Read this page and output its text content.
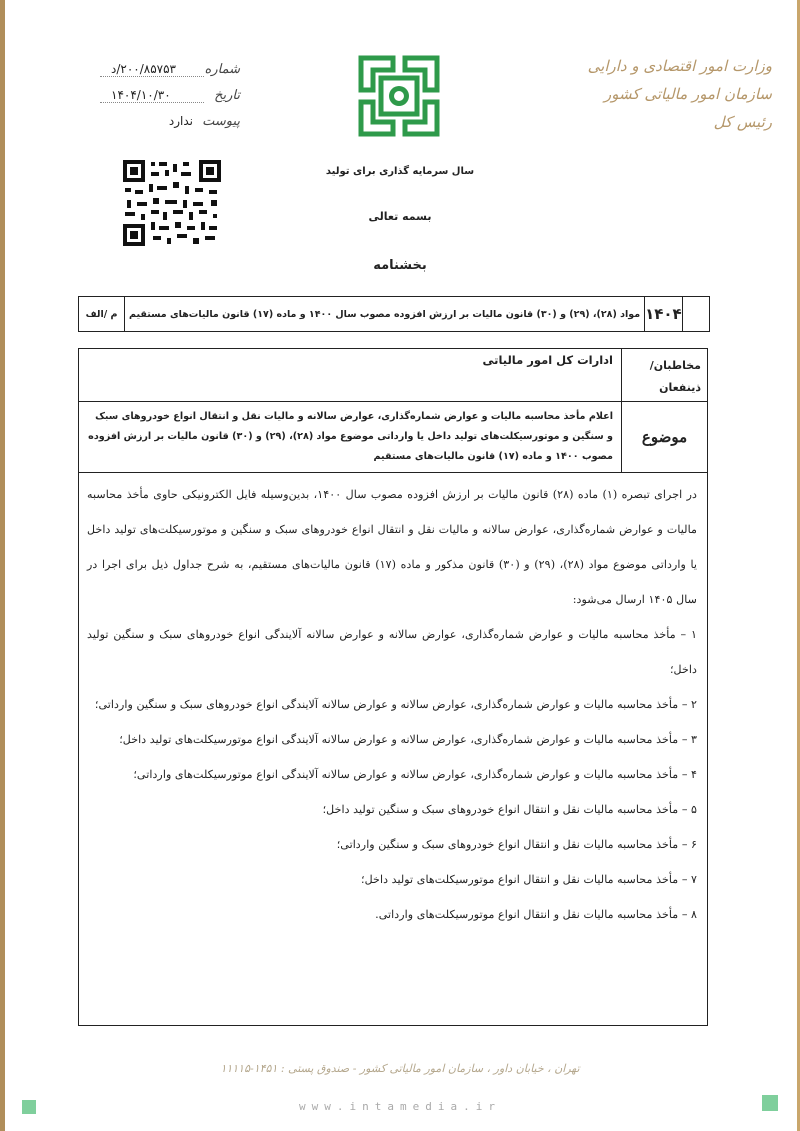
وزارت امور اقتصادی و دارایی
سازمان امور مالیاتی کشور
رئیس کل
شماره
۲۰۰/۸۵۷۵۳/د
تاریخ
۱۴۰۴/۱۰/۳۰
پیوست
ندارد
سال سرمایه گذاری برای تولید
بسمه تعالی
بخشنامه
۱۴۰۴
مواد (۲۸)، (۲۹) و (۳۰) قانون مالیات بر ارزش افزوده مصوب سال ۱۴۰۰ و ماده (۱۷) قانون مالیات‌های مستقیم
م /الف
مخاطبان/
ذینفعان
ادارات کل امور مالیاتی
موضوع
اعلام مأخذ محاسبه مالیات و عوارض شماره‌گذاری، عوارض سالانه و مالیات نقل و انتقال انواع خودروهای سبک و سنگین و موتورسیکلت‌های تولید داخل یا وارداتی موضوع مواد (۲۸)، (۲۹) و (۳۰) قانون مالیات بر ارزش افزوده مصوب ۱۴۰۰ و ماده (۱۷) قانون مالیات‌های مستقیم

در اجرای تبصره (۱) ماده (۲۸) قانون مالیات بر ارزش افزوده مصوب سال ۱۴۰۰، بدین‌وسیله فایل الکترونیکی حاوی مأخذ محاسبه مالیات و عوارض شماره‌گذاری، عوارض سالانه و مالیات نقل و انتقال انواع خودروهای سبک و سنگین و موتورسیکلت‌های تولید داخل یا وارداتی موضوع مواد (۲۸)، (۲۹) و (۳۰) قانون مذکور و ماده (۱۷) قانون مالیات‌های مستقیم، به شرح جداول ذیل برای اجرا در سال ۱۴۰۵ ارسال می‌شود:

۱ – مأخذ محاسبه مالیات و عوارض شماره‌گذاری، عوارض سالانه و عوارض سالانه آلایندگی انواع خودروهای سبک و سنگین تولید داخل؛

۲ – مأخذ محاسبه مالیات و عوارض شماره‌گذاری، عوارض سالانه و عوارض سالانه آلایندگی انواع خودروهای سبک و سنگین وارداتی؛

۳ – مأخذ محاسبه مالیات و عوارض شماره‌گذاری، عوارض سالانه و عوارض سالانه آلایندگی انواع موتورسیکلت‌های تولید داخل؛

۴ – مأخذ محاسبه مالیات و عوارض شماره‌گذاری، عوارض سالانه و عوارض سالانه آلایندگی انواع موتورسیکلت‌های وارداتی؛

۵ – مأخذ محاسبه مالیات نقل و انتقال انواع خودروهای سبک و سنگین تولید داخل؛

۶ – مأخذ محاسبه مالیات نقل و انتقال انواع خودروهای سبک و سنگین وارداتی؛

۷ – مأخذ محاسبه مالیات نقل و انتقال انواع موتورسیکلت‌های تولید داخل؛

۸ – مأخذ محاسبه مالیات نقل و انتقال انواع موتورسیکلت‌های وارداتی.

تهران ، خیابان داور ، سازمان امور مالیاتی کشور - صندوق پستی : ۱۴۵۱-۱۱۱۱۵
www.intamedia.ir
